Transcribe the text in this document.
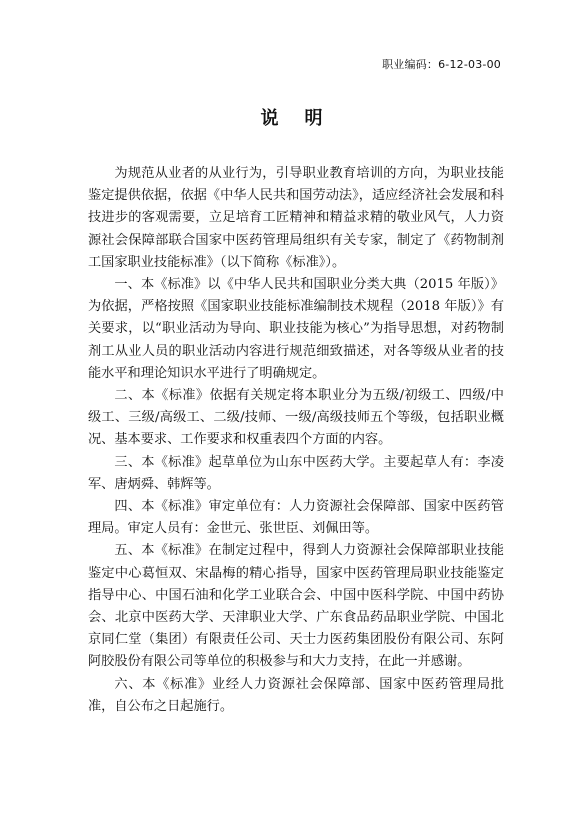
职业编码：6-12-03-00
说明

为规范从业者的从业行为，引导职业教育培训的方向，为职业技能鉴定提供依据，依据《中华人民共和国劳动法》，适应经济社会发展和科技进步的客观需要，立足培育工匠精神和精益求精的敬业风气，人力资源社会保障部联合国家中医药管理局组织有关专家，制定了《药物制剂工国家职业技能标准》（以下简称《标准》）。

一、本《标准》以《中华人民共和国职业分类大典（2015 年版）》为依据，严格按照《国家职业技能标准编制技术规程（2018 年版）》有关要求，以“职业活动为导向、职业技能为核心”为指导思想，对药物制剂工从业人员的职业活动内容进行规范细致描述，对各等级从业者的技能水平和理论知识水平进行了明确规定。

二、本《标准》依据有关规定将本职业分为五级/初级工、四级/中级工、三级/高级工、二级/技师、一级/高级技师五个等级，包括职业概况、基本要求、工作要求和权重表四个方面的内容。

三、本《标准》起草单位为山东中医药大学。主要起草人有：李凌军、唐炳舜、韩辉等。

四、本《标准》审定单位有：人力资源社会保障部、国家中医药管理局。审定人员有：金世元、张世臣、刘佩田等。

五、本《标准》在制定过程中，得到人力资源社会保障部职业技能鉴定中心葛恒双、宋晶梅的精心指导，国家中医药管理局职业技能鉴定指导中心、中国石油和化学工业联合会、中国中医科学院、中国中药协会、北京中医药大学、天津职业大学、广东食品药品职业学院、中国北京同仁堂（集团）有限责任公司、天士力医药集团股份有限公司、东阿阿胶股份有限公司等单位的积极参与和大力支持，在此一并感谢。

六、本《标准》业经人力资源社会保障部、国家中医药管理局批准，自公布之日起施行。
